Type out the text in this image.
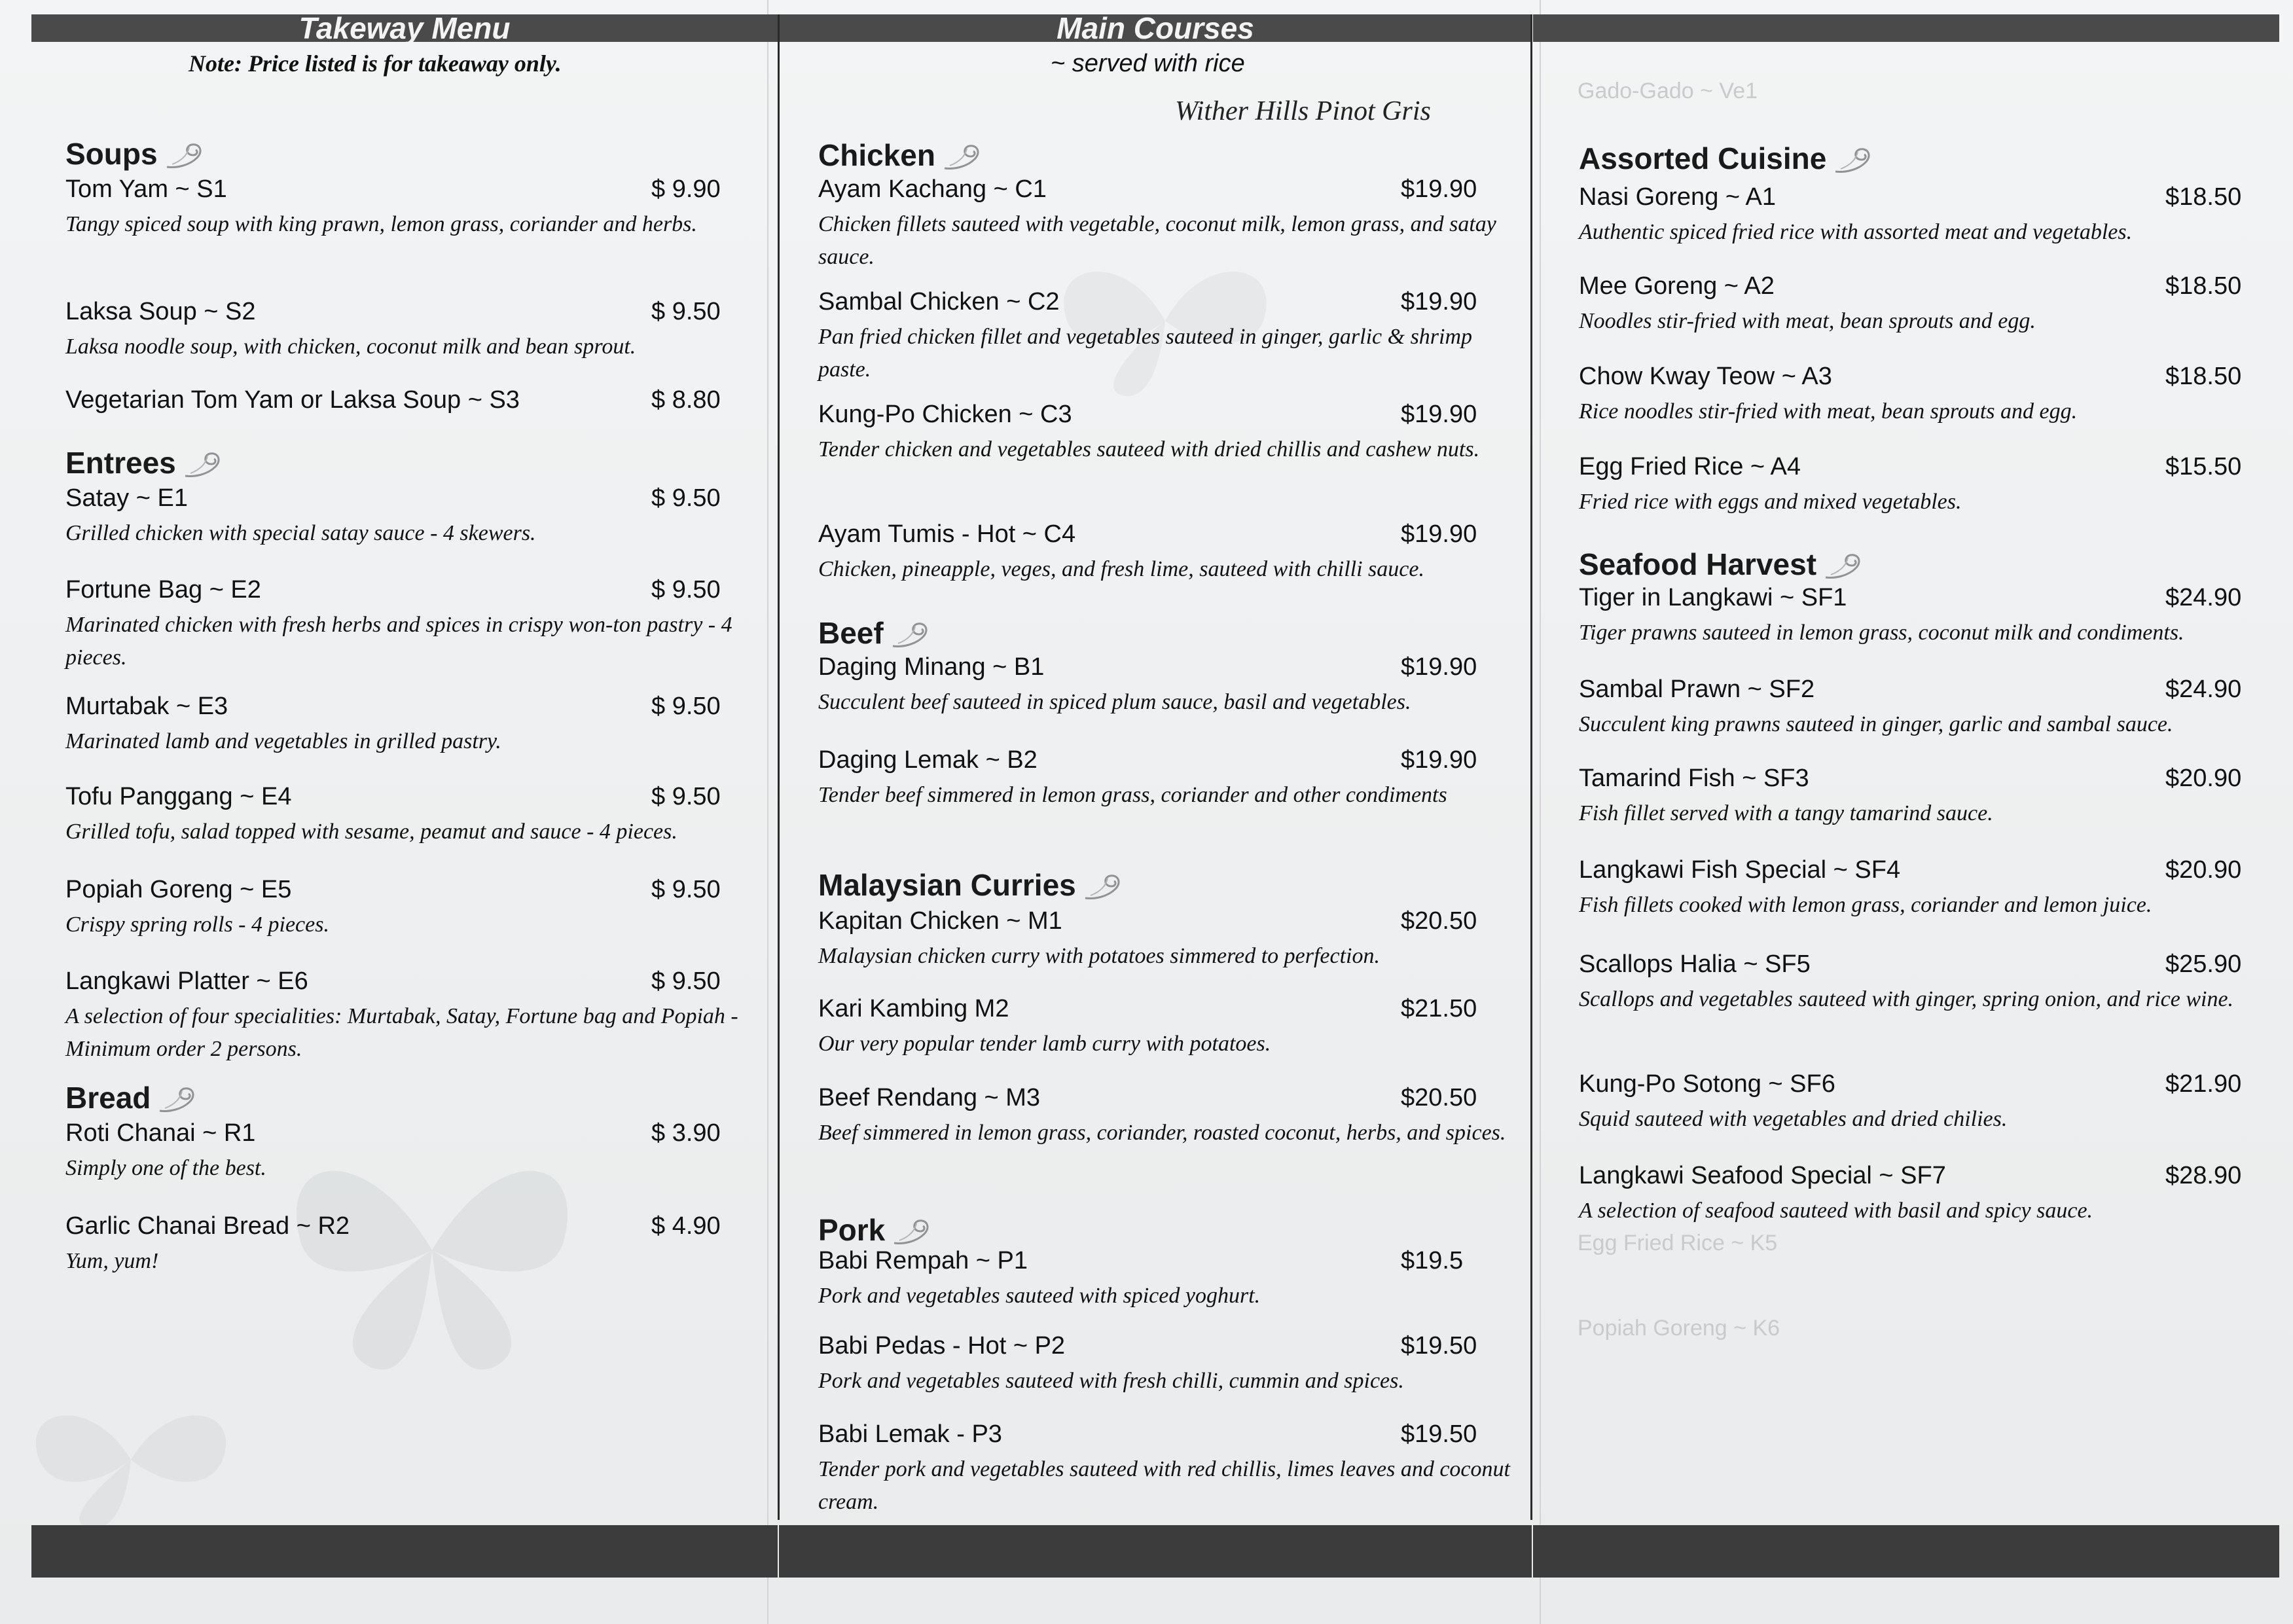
Gado-Gado ~ Ve1
Egg Fried Rice ~ K5
Popiah Goreng ~ K6
Takeway Menu	Main Courses
Note: Price listed is for takeaway only.	~ served with rice
Wither Hills Pinot Gris
Soups
Tom Yam ~ S1	$ 9.90
Tangy spiced soup with king prawn, lemon grass, coriander and herbs.
Laksa Soup ~ S2	$ 9.50
Laksa noodle soup, with chicken, coconut milk and bean sprout.
Vegetarian Tom Yam or Laksa Soup ~ S3	$ 8.80
Entrees
Satay ~ E1	$ 9.50
Grilled chicken with special satay sauce - 4 skewers.
Fortune Bag ~ E2	$ 9.50
Marinated chicken with fresh herbs and spices in crispy won-ton pastry - 4 pieces.
Murtabak ~ E3	$ 9.50
Marinated lamb and vegetables in grilled pastry.
Tofu Panggang ~ E4	$ 9.50
Grilled tofu, salad topped with sesame, peamut and sauce - 4 pieces.
Popiah Goreng ~ E5	$ 9.50
Crispy spring rolls - 4 pieces.
Langkawi Platter ~ E6	$ 9.50
A selection of four specialities: Murtabak, Satay, Fortune bag and Popiah - Minimum order 2 persons.
Bread
Roti Chanai ~ R1	$ 3.90
Simply one of the best.
Garlic Chanai Bread ~ R2	$ 4.90
Yum, yum!
Chicken
Ayam Kachang ~ C1	$19.90
Chicken fillets sauteed with vegetable, coconut milk, lemon grass, and satay sauce.
Sambal Chicken ~ C2	$19.90
Pan fried chicken fillet and vegetables sauteed in ginger, garlic & shrimp paste.
Kung-Po Chicken ~ C3	$19.90
Tender chicken and vegetables sauteed with dried chillis and cashew nuts.
Ayam Tumis - Hot ~ C4	$19.90
Chicken, pineapple, veges, and fresh lime, sauteed with chilli sauce.
Beef
Daging Minang ~ B1	$19.90
Succulent beef sauteed in spiced plum sauce, basil and vegetables.
Daging Lemak ~ B2	$19.90
Tender beef simmered in lemon grass, coriander and other condiments
Malaysian Curries
Kapitan Chicken ~ M1	$20.50
Malaysian chicken curry with potatoes simmered to perfection.
Kari Kambing M2	$21.50
Our very popular tender lamb curry with potatoes.
Beef Rendang ~ M3	$20.50
Beef simmered in lemon grass, coriander, roasted coconut, herbs, and spices.
Pork
Babi Rempah ~ P1	$19.5
Pork and vegetables sauteed with spiced yoghurt.
Babi Pedas - Hot ~ P2	$19.50
Pork and vegetables sauteed with fresh chilli, cummin and spices.
Babi Lemak - P3	$19.50
Tender pork and vegetables sauteed with red chillis, limes leaves and coconut cream.
Assorted Cuisine
Nasi Goreng ~ A1	$18.50
Authentic spiced fried rice with assorted meat and vegetables.
Mee Goreng ~ A2	$18.50
Noodles stir-fried with meat, bean sprouts and egg.
Chow Kway Teow ~ A3	$18.50
Rice noodles stir-fried with meat, bean sprouts and egg.
Egg Fried Rice ~ A4	$15.50
Fried rice with eggs and mixed vegetables.
Seafood Harvest
Tiger in Langkawi ~ SF1	$24.90
Tiger prawns sauteed in lemon grass, coconut milk and condiments.
Sambal Prawn ~ SF2	$24.90
Succulent king prawns sauteed in ginger, garlic and sambal sauce.
Tamarind Fish ~ SF3	$20.90
Fish fillet served with a tangy tamarind sauce.
Langkawi Fish Special ~ SF4	$20.90
Fish fillets cooked with lemon grass, coriander and lemon juice.
Scallops Halia ~ SF5	$25.90
Scallops and vegetables sauteed with ginger, spring onion, and rice wine.
Kung-Po Sotong ~ SF6	$21.90
Squid sauteed with vegetables and dried chilies.
Langkawi Seafood Special ~ SF7	$28.90
A selection of seafood sauteed with basil and spicy sauce.
